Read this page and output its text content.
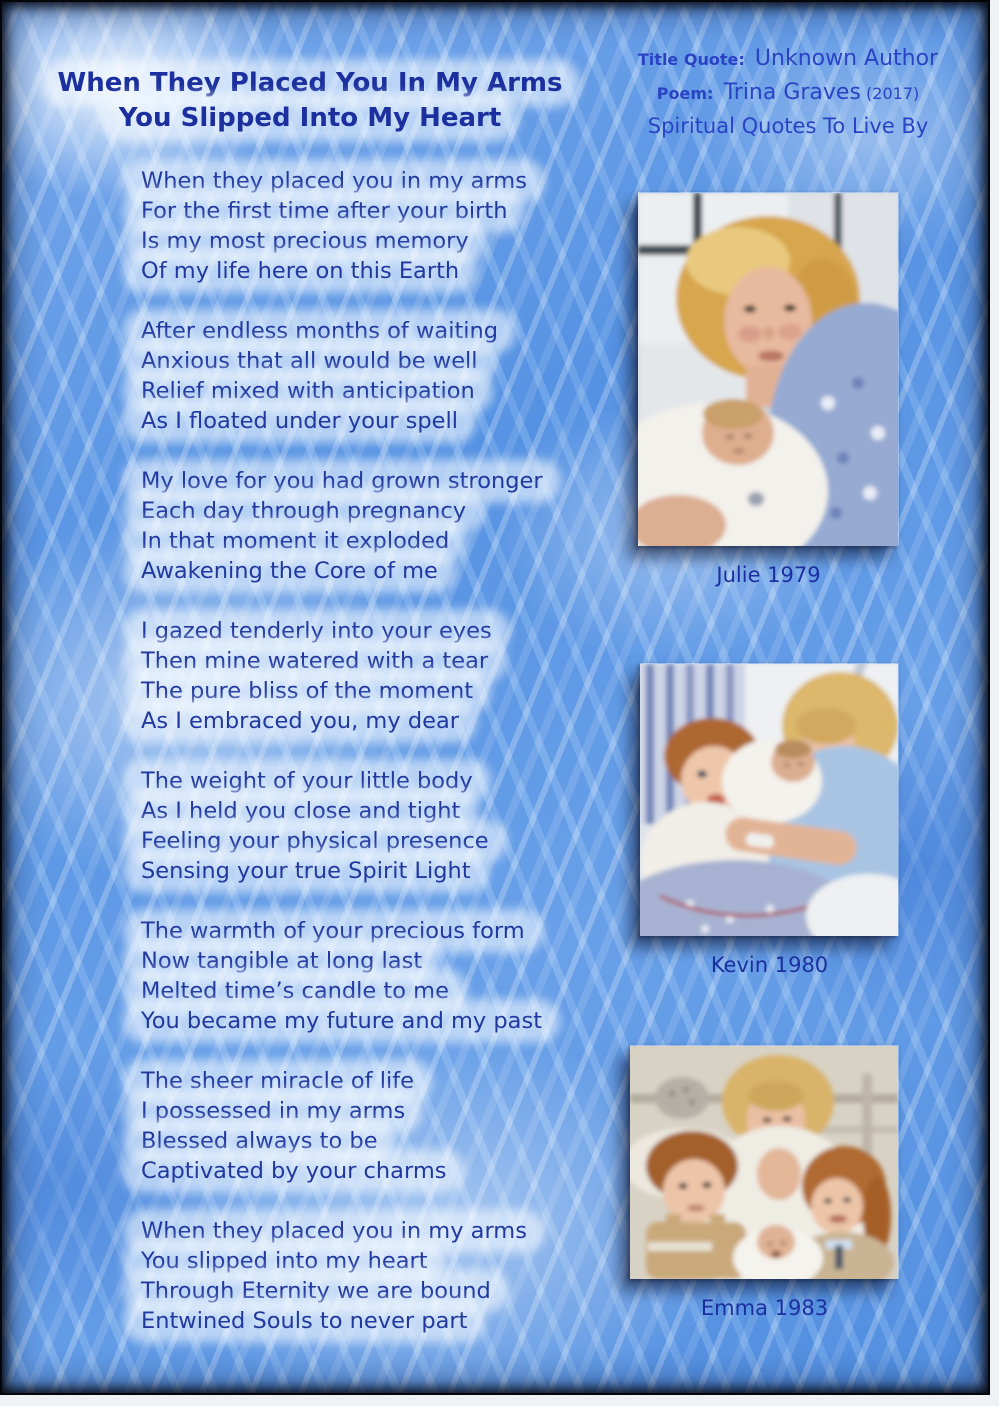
When They Placed You In My Arms
You Slipped Into My Heart
Title Quote: Unknown Author
Poem: Trina Graves (2017)
Spiritual Quotes To Live By
When they placed you in my arms
For the first time after your birth
Is my most precious memory
Of my life here on this Earth
After endless months of waiting
Anxious that all would be well
Relief mixed with anticipation
As I floated under your spell
My love for you had grown stronger
Each day through pregnancy
In that moment it exploded
Awakening the Core of me
I gazed tenderly into your eyes
Then mine watered with a tear
The pure bliss of the moment
As I embraced you, my dear
The weight of your little body
As I held you close and tight
Feeling your physical presence
Sensing your true Spirit Light
The warmth of your precious form
Now tangible at long last
Melted time’s candle to me
You became my future and my past
The sheer miracle of life
I possessed in my arms
Blessed always to be
Captivated by your charms
When they placed you in my arms
You slipped into my heart
Through Eternity we are bound
Entwined Souls to never part
Julie 1979
Kevin 1980
Emma 1983
